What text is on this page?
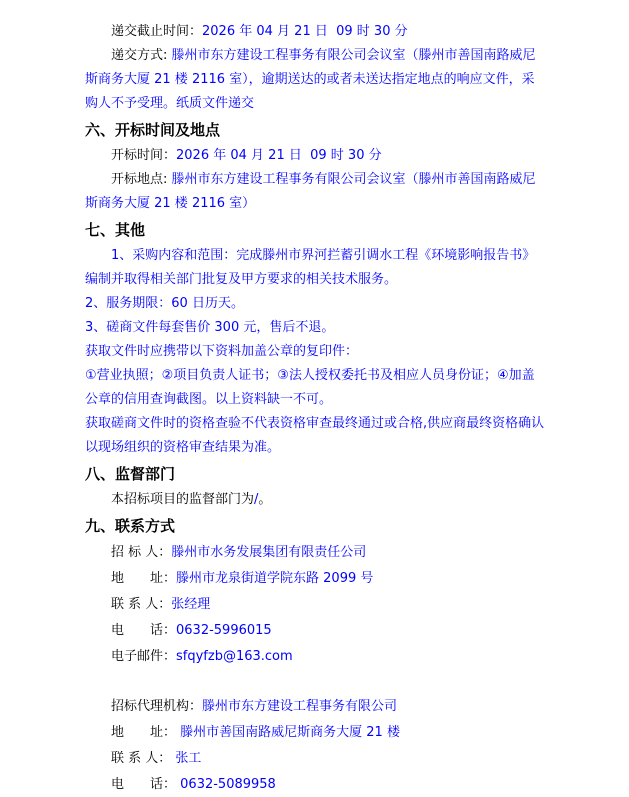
递交截止时间：2026 年 04 月 21 日  09 时 30 分

递交方式: 滕州市东方建设工程事务有限公司会议室（滕州市善国南路威尼斯商务大厦 21 楼 2116 室），逾期送达的或者未送达指定地点的响应文件，采购人不予受理。纸质文件递交

六、开标时间及地点

开标时间：2026 年 04 月 21 日  09 时 30 分

开标地点: 滕州市东方建设工程事务有限公司会议室（滕州市善国南路威尼斯商务大厦 21 楼 2116 室）

七、其他

1、采购内容和范围：完成滕州市界河拦蓄引调水工程《环境影响报告书》编制并取得相关部门批复及甲方要求的相关技术服务。

2、服务期限：60 日历天。

3、磋商文件每套售价 300 元，售后不退。

获取文件时应携带以下资料加盖公章的复印件：

①营业执照；②项目负责人证书；③法人授权委托书及相应人员身份证；④加盖公章的信用查询截图。以上资料缺一不可。

获取磋商文件时的资格查验不代表资格审查最终通过或合格,供应商最终资格确认以现场组织的资格审查结果为准。

八、监督部门

本招标项目的监督部门为/。

九、联系方式

招 标 人：滕州市水务发展集团有限责任公司

地　　址：滕州市龙泉街道学院东路 2099 号

联 系 人：张经理

电　　话：0632-5996015

电子邮件：sfqyfzb@163.com

招标代理机构：滕州市东方建设工程事务有限公司

地　　址： 滕州市善国南路威尼斯商务大厦 21 楼

联 系 人： 张工

电　　话： 0632-5089958
